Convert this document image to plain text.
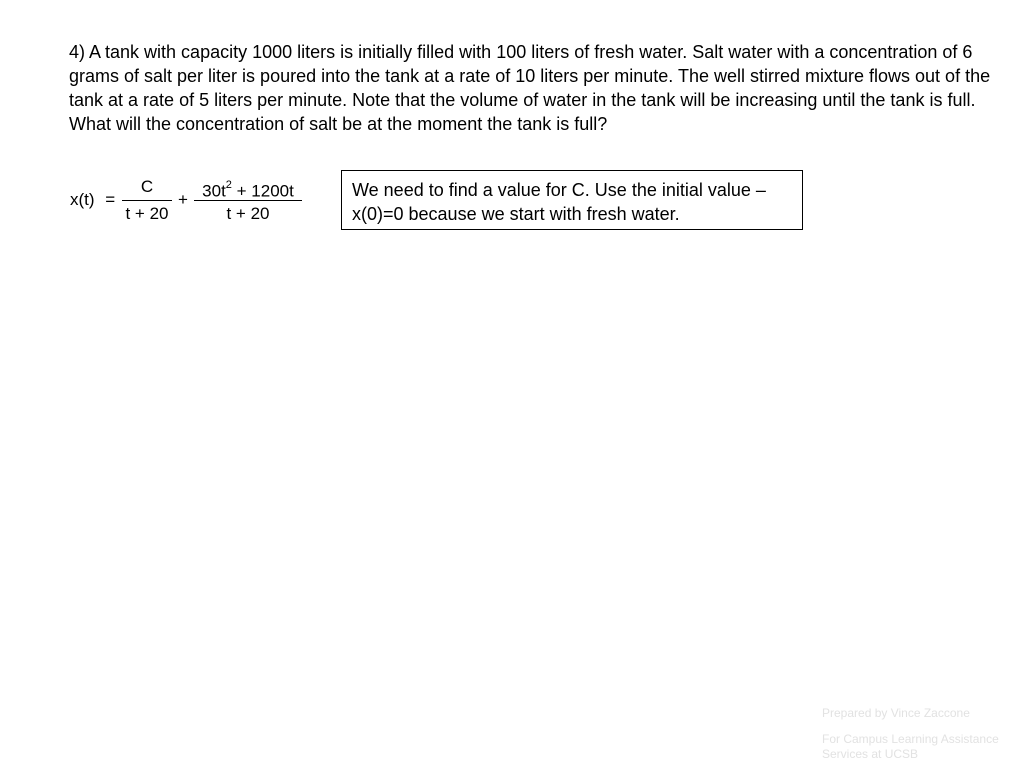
4) A tank with capacity 1000 liters is initially filled with 100 liters of fresh water. Salt water with a concentration of 6 grams of salt per liter is poured into the tank at a rate of 10 liters per minute. The well stirred mixture flows out of the tank at a rate of 5 liters per minute. Note that the volume of water in the tank will be increasing until the tank is full. What will the concentration of salt be at the moment the tank is full?

x(t) =
C
t + 20
+ $30t^2 + 1200t$
t + 20
We need to find a value for C. Use the initial value – x(0)=0 because we start with fresh water.
Prepared by Vince Zaccone
For Campus Learning Assistance Services at UCSB
